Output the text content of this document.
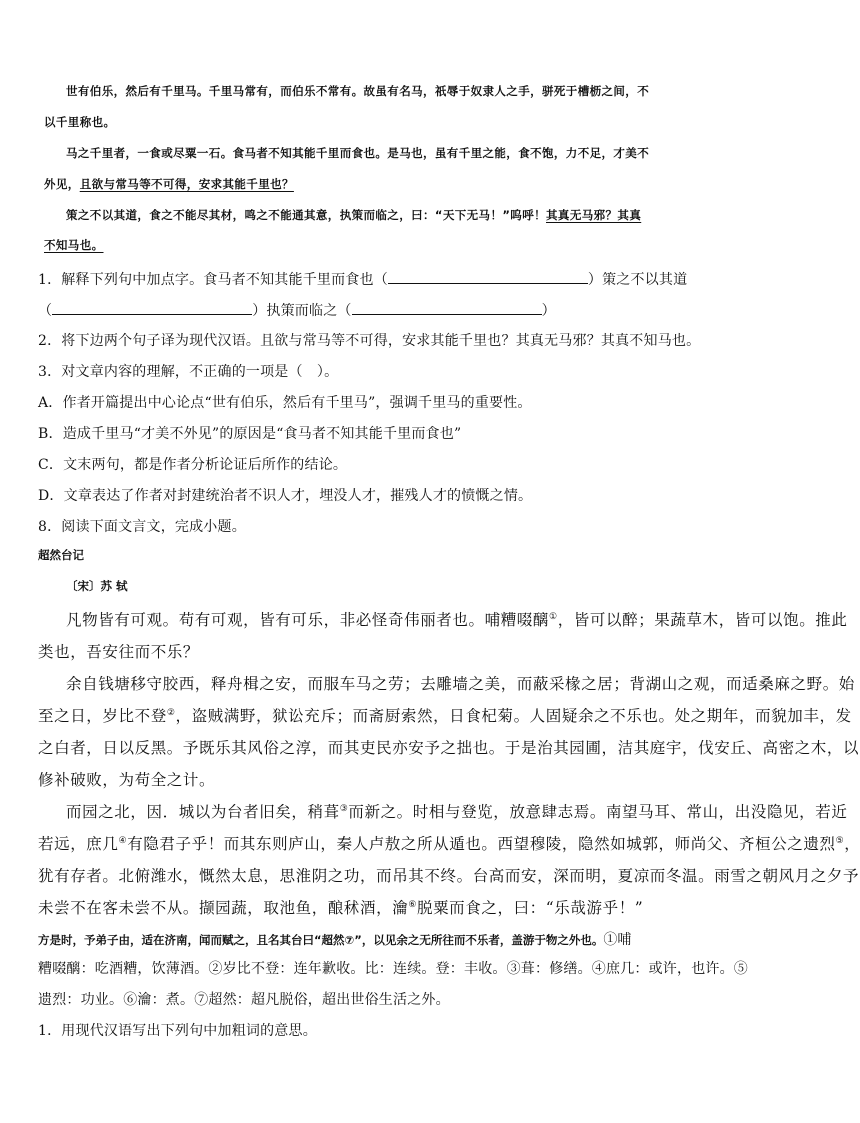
世有伯乐，然后有千里马。千里马常有，而伯乐不常有。故虽有名马，祇辱于奴隶人之手，骈死于槽枥之间，不
以千里称也。
马之千里者，一食或尽粟一石。食马者不知其能千里而食也。是马也，虽有千里之能，食不饱，力不足，才美不
外见，且欲与常马等不可得，安求其能千里也？
策之不以其道，食之不能尽其材，鸣之不能通其意，执策而临之，曰：“天下无马！”呜呼！其真无马邪？其真
不知马也。
1．解释下列句中加点字。食马者不知其能千里而食也（	）策之不以其道
（	）执策而临之（	）
2．将下边两个句子译为现代汉语。且欲与常马等不可得，安求其能千里也？其真无马邪？其真不知马也。
3．对文章内容的理解，不正确的一项是（　）。
A．作者开篇提出中心论点“世有伯乐，然后有千里马”，强调千里马的重要性。
B．造成千里马“才美不外见”的原因是“食马者不知其能千里而食也”
C．文末两句，都是作者分析论证后所作的结论。
D．文章表达了作者对封建统治者不识人才，埋没人才，摧残人才的愤慨之情。
8．阅读下面文言文，完成小题。
超然台记
〔宋〕苏 轼
凡物皆有可观。苟有可观，皆有可乐，非必怪奇伟丽者也。哺糟啜醨①，皆可以醉；果蔬草木，皆可以饱。推此
类也，吾安往而不乐？
余自钱塘移守胶西，释舟楫之安，而服车马之劳；去雕墙之美，而蔽采椽之居；背湖山之观，而适桑麻之野。始
至之日，岁比不登②，盗贼满野，狱讼充斥；而斋厨索然，日食杞菊。人固疑余之不乐也。处之期年，而貌加丰，发
之白者，日以反黑。予既乐其风俗之淳，而其吏民亦安予之拙也。于是治其园圃，洁其庭宇，伐安丘、高密之木，以
修补破败，为苟全之计。
而园之北，因．城以为台者旧矣，稍葺③而新之。时相与登览，放意肆志焉。南望马耳、常山，出没隐见，若近
若远，庶几④有隐君子乎！而其东则庐山，秦人卢敖之所从遁也。西望穆陵，隐然如城郭，师尚父、齐桓公之遗烈⑤，
犹有存者。北俯潍水，慨然太息，思淮阴之功，而吊其不终。台高而安，深而明，夏凉而冬温。雨雪之朝风月之夕予
未尝不在客未尝不从。撷园蔬，取池鱼，酿秫酒，瀹⑥脱粟而食之，曰：“乐哉游乎！”
方是时，予弟子由，适在济南，闻而赋之，且名其台曰“超然⑦”，以见余之无所往而不乐者，盖游于物之外也。①哺
糟啜醨：吃酒糟，饮薄酒。②岁比不登：连年歉收。比：连续。登：丰收。③葺：修缮。④庶几：或许，也许。⑤
遗烈：功业。⑥瀹：煮。⑦超然：超凡脱俗，超出世俗生活之外。
1．用现代汉语写出下列句中加粗词的意思。
